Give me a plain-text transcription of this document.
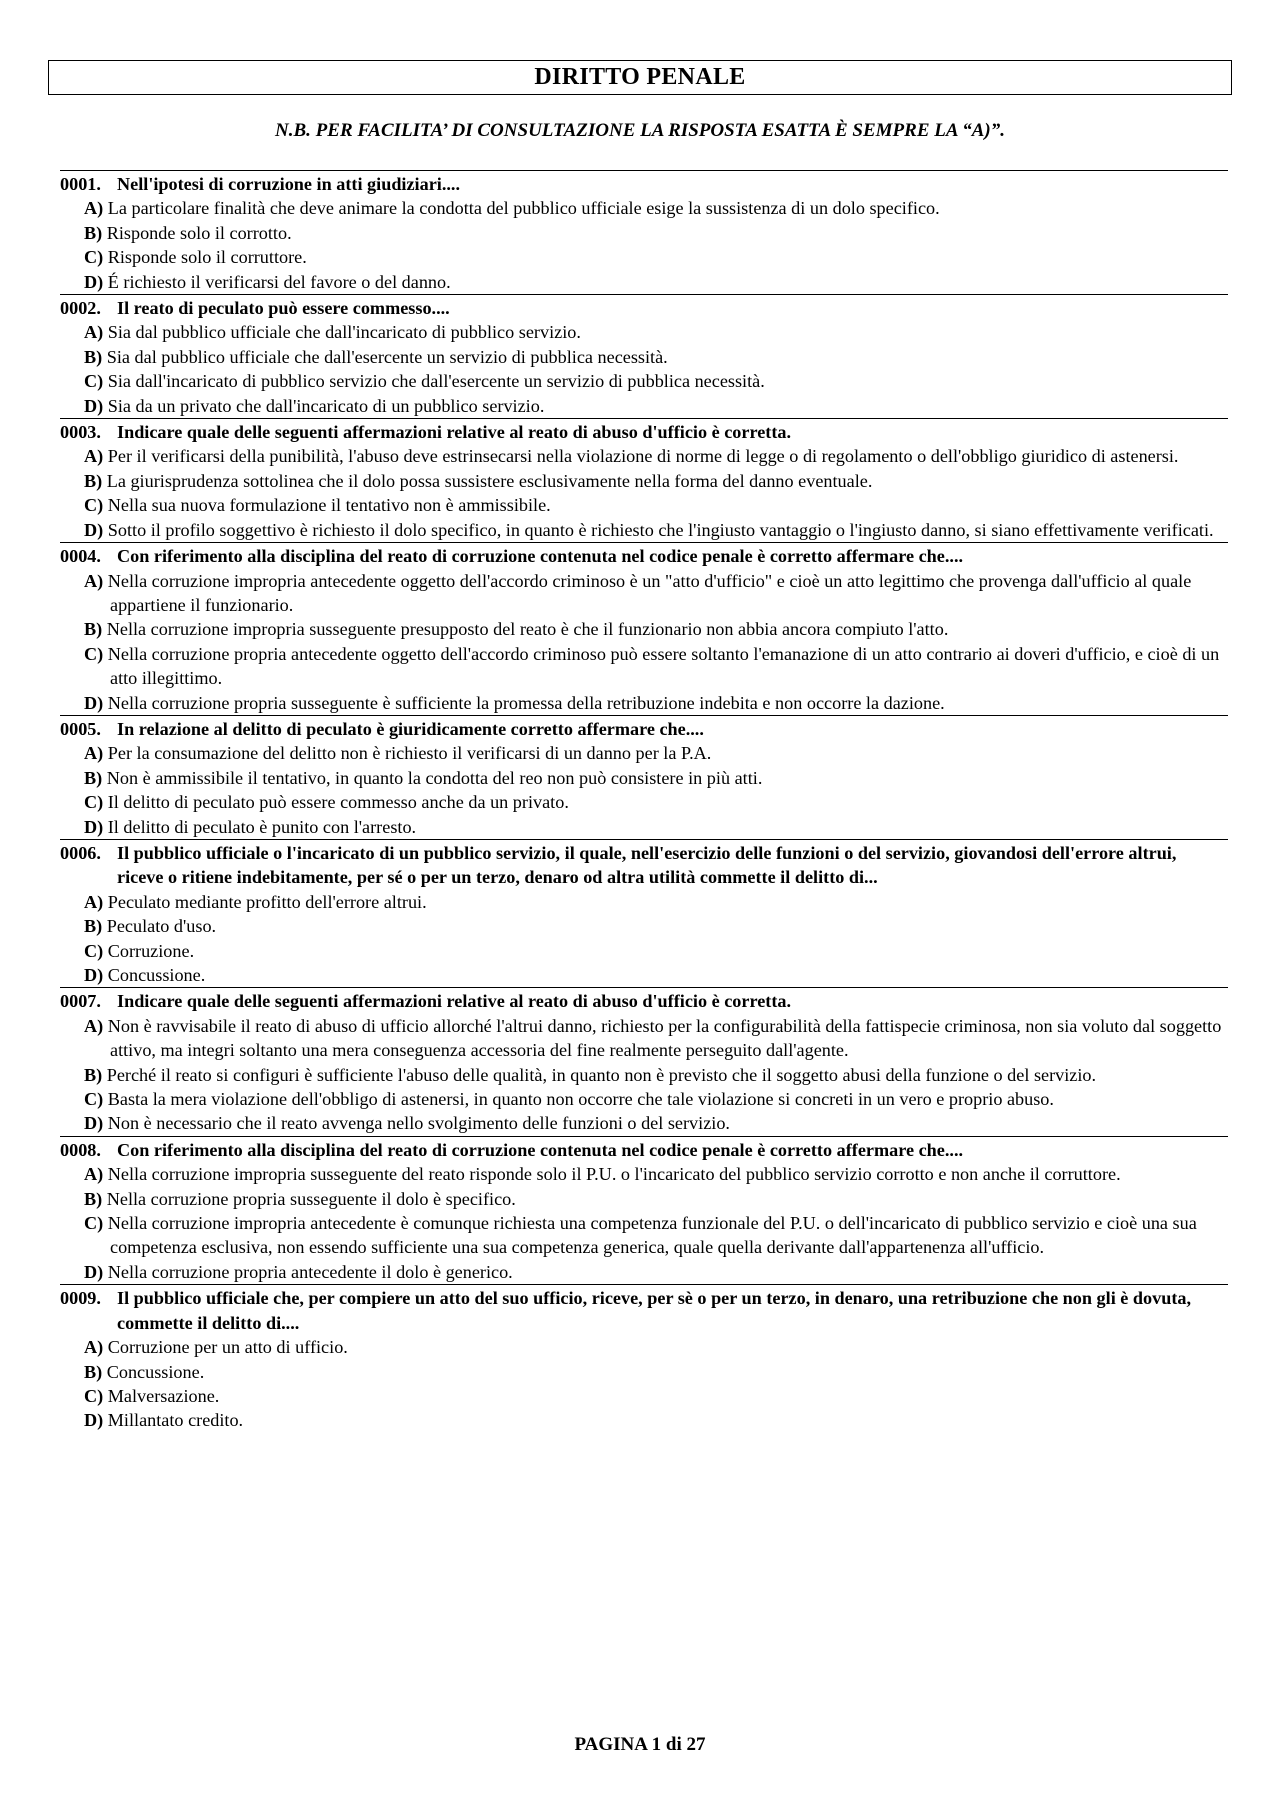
DIRITTO PENALE
N.B. PER FACILITA’ DI CONSULTAZIONE LA RISPOSTA ESATTA È SEMPRE LA “A)”.
0001. Nell'ipotesi di corruzione in atti giudiziari....
A) La particolare finalità che deve animare la condotta del pubblico ufficiale esige la sussistenza di un dolo specifico.
B) Risponde solo il corrotto.
C) Risponde solo il corruttore.
D) É richiesto il verificarsi del favore o del danno.
0002. Il reato di peculato può essere commesso....
A) Sia dal pubblico ufficiale che dall'incaricato di pubblico servizio.
B) Sia dal pubblico ufficiale che dall'esercente un servizio di pubblica necessità.
C) Sia dall'incaricato di pubblico servizio che dall'esercente un servizio di pubblica necessità.
D) Sia da un privato che dall'incaricato di un pubblico servizio.
0003. Indicare quale delle seguenti affermazioni relative al reato di abuso d'ufficio è corretta.
A) Per il verificarsi della punibilità, l'abuso deve estrinsecarsi nella violazione di norme di legge o di regolamento o dell'obbligo giuridico di astenersi.
B) La giurisprudenza sottolinea che il dolo possa sussistere esclusivamente nella forma del danno eventuale.
C) Nella sua nuova formulazione il tentativo non è ammissibile.
D) Sotto il profilo soggettivo è richiesto il dolo specifico, in quanto è richiesto che l'ingiusto vantaggio o l'ingiusto danno, si siano effettivamente verificati.
0004. Con riferimento alla disciplina del reato di corruzione contenuta nel codice penale è corretto affermare che....
A) Nella corruzione impropria antecedente oggetto dell'accordo criminoso è un "atto d'ufficio" e cioè un atto legittimo che provenga dall'ufficio al quale appartiene il funzionario.
B) Nella corruzione impropria susseguente presupposto del reato è che il funzionario non abbia ancora compiuto l'atto.
C) Nella corruzione propria antecedente oggetto dell'accordo criminoso può essere soltanto l'emanazione di un atto contrario ai doveri d'ufficio, e cioè di un atto illegittimo.
D) Nella corruzione propria susseguente è sufficiente la promessa della retribuzione indebita e non occorre la dazione.
0005. In relazione al delitto di peculato è giuridicamente corretto affermare che....
A) Per la consumazione del delitto non è richiesto il verificarsi di un danno per la P.A.
B) Non è ammissibile il tentativo, in quanto la condotta del reo non può consistere in più atti.
C) Il delitto di peculato può essere commesso anche da un privato.
D) Il delitto di peculato è punito con l'arresto.
0006. Il pubblico ufficiale o l'incaricato di un pubblico servizio, il quale, nell'esercizio delle funzioni o del servizio, giovandosi dell'errore altrui, riceve o ritiene indebitamente, per sé o per un terzo, denaro od altra utilità commette il delitto di...
A) Peculato mediante profitto dell'errore altrui.
B) Peculato d'uso.
C) Corruzione.
D) Concussione.
0007. Indicare quale delle seguenti affermazioni relative al reato di abuso d'ufficio è corretta.
A) Non è ravvisabile il reato di abuso di ufficio allorché l'altrui danno, richiesto per la configurabilità della fattispecie criminosa, non sia voluto dal soggetto attivo, ma integri soltanto una mera conseguenza accessoria del fine realmente perseguito dall'agente.
B) Perché il reato si configuri è sufficiente l'abuso delle qualità, in quanto non è previsto che il soggetto abusi della funzione o del servizio.
C) Basta la mera violazione dell'obbligo di astenersi, in quanto non occorre che tale violazione si concreti in un vero e proprio abuso.
D) Non è necessario che il reato avvenga nello svolgimento delle funzioni o del servizio.
0008. Con riferimento alla disciplina del reato di corruzione contenuta nel codice penale è corretto affermare che....
A) Nella corruzione impropria susseguente del reato risponde solo il P.U. o l'incaricato del pubblico servizio corrotto e non anche il corruttore.
B) Nella corruzione propria susseguente il dolo è specifico.
C) Nella corruzione impropria antecedente è comunque richiesta una competenza funzionale del P.U. o dell'incaricato di pubblico servizio e cioè una sua competenza esclusiva, non essendo sufficiente una sua competenza generica, quale quella derivante dall'appartenenza all'ufficio.
D) Nella corruzione propria antecedente il dolo è generico.
0009. Il pubblico ufficiale che, per compiere un atto del suo ufficio, riceve, per sè o per un terzo, in denaro, una retribuzione che non gli è dovuta, commette il delitto di....
A) Corruzione per un atto di ufficio.
B) Concussione.
C) Malversazione.
D) Millantato credito.
PAGINA 1 di 27
